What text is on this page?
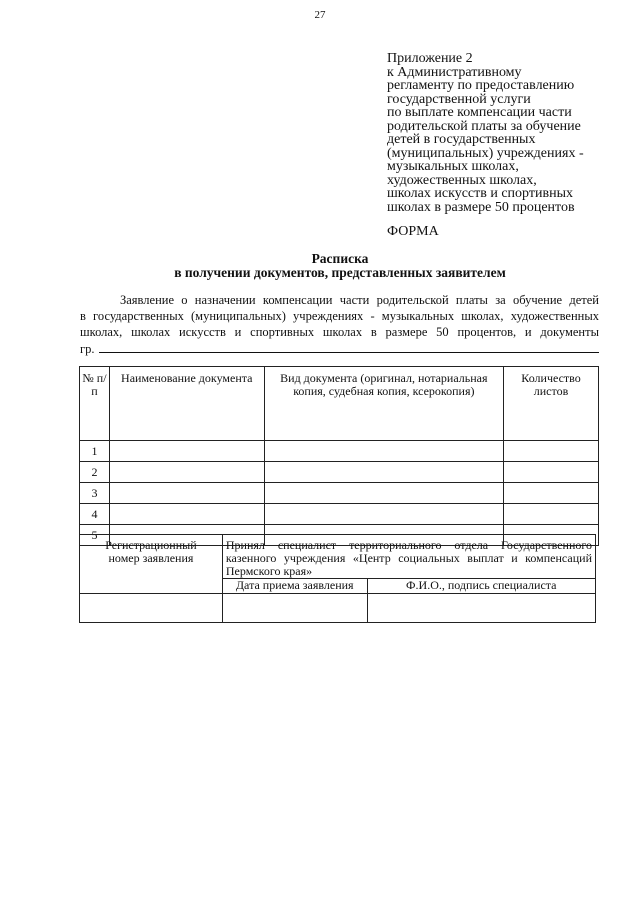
27
Приложение 2
к Административному
регламенту по предоставлению
государственной услуги
по выплате компенсации части
родительской платы за обучение
детей в государственных
(муниципальных) учреждениях -
музыкальных школах,
художественных школах,
школах искусств и спортивных
школах в размере 50 процентов
ФОРМА
Расписка
в получении документов, представленных заявителем
Заявление о назначении компенсации части родительской платы за обучение детей
в государственных (муниципальных) учреждениях - музыкальных школах, художественных
школах, школах искусств и спортивных школах в размере 50 процентов, и документы
гр.
№ п/п	Наименование документа	Вид документа (оригинал, нотариальная копия, судебная копия, ксерокопия)	Количество листов
1			
2			
3			
4			
5			
Регистрационный номер заявления	Принял специалист территориального отдела Государственного казенного учреждения «Центр социальных выплат и компенсаций Пермского края»	
	Дата приема заявления	Ф.И.О., подпись специалиста
